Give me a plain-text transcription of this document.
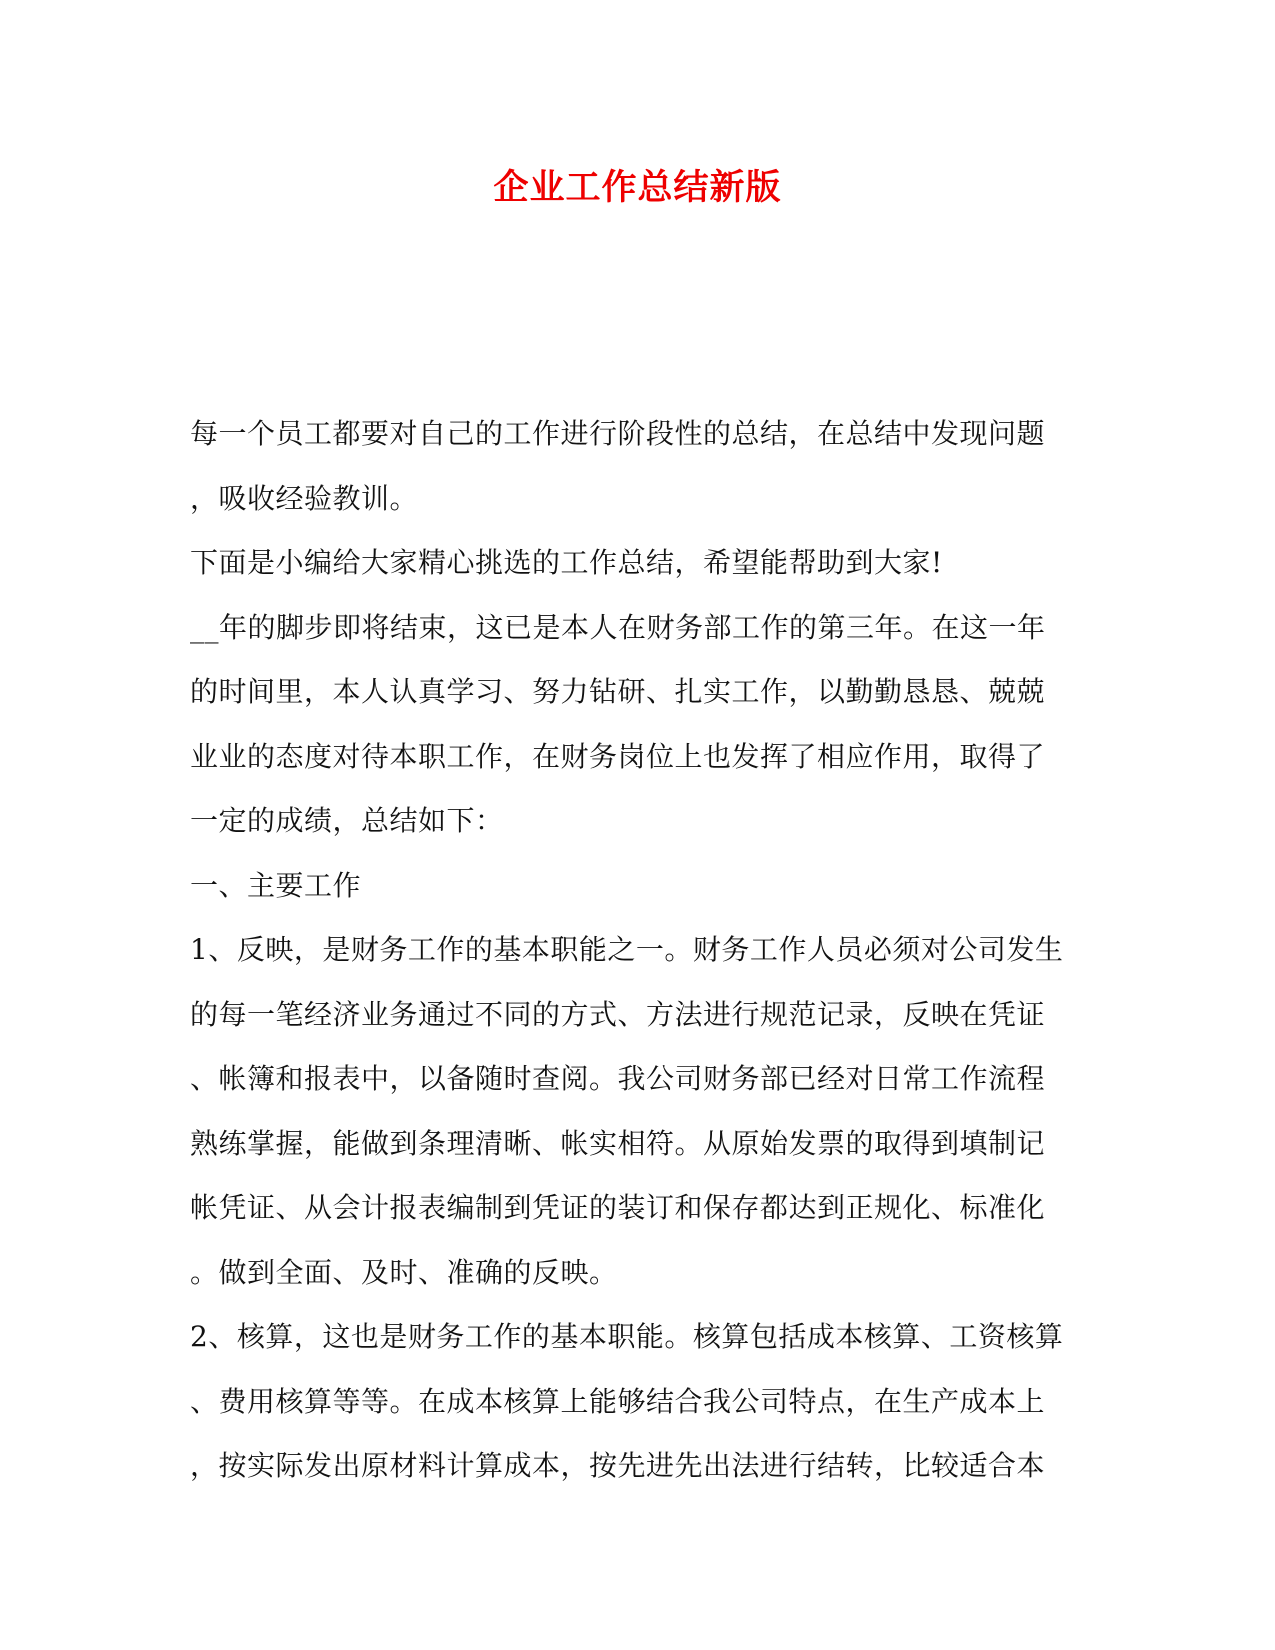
企业工作总结新版
每一个员工都要对自己的工作进行阶段性的总结，在总结中发现问题
，吸收经验教训。
下面是小编给大家精心挑选的工作总结，希望能帮助到大家!
__年的脚步即将结束，这已是本人在财务部工作的第三年。在这一年
的时间里，本人认真学习、努力钻研、扎实工作，以勤勤恳恳、兢兢
业业的态度对待本职工作，在财务岗位上也发挥了相应作用，取得了
一定的成绩，总结如下：
一、主要工作
1、反映，是财务工作的基本职能之一。财务工作人员必须对公司发生
的每一笔经济业务通过不同的方式、方法进行规范记录，反映在凭证
、帐簿和报表中，以备随时查阅。我公司财务部已经对日常工作流程
熟练掌握，能做到条理清晰、帐实相符。从原始发票的取得到填制记
帐凭证、从会计报表编制到凭证的装订和保存都达到正规化、标准化
。做到全面、及时、准确的反映。
2、核算，这也是财务工作的基本职能。核算包括成本核算、工资核算
、费用核算等等。在成本核算上能够结合我公司特点，在生产成本上
，按实际发出原材料计算成本，按先进先出法进行结转，比较适合本
